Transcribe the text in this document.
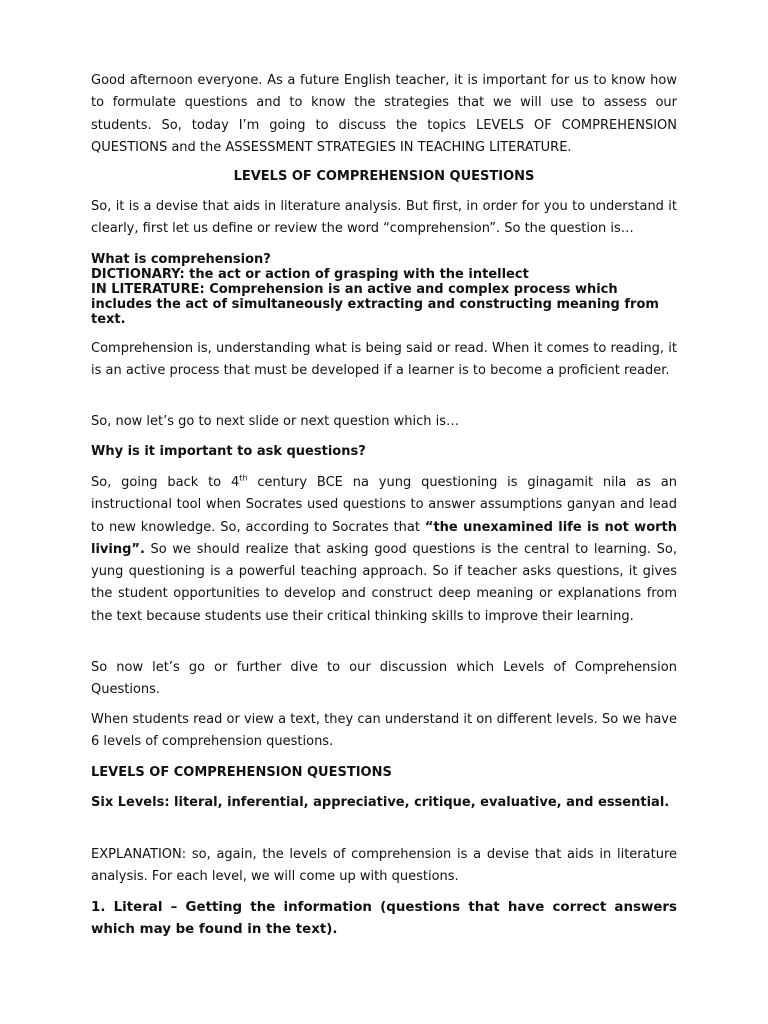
Good afternoon everyone. As a future English teacher, it is important for us to know how to formulate questions and to know the strategies that we will use to assess our students. So, today I’m going to discuss the topics LEVELS OF COMPREHENSION QUESTIONS and the ASSESSMENT STRATEGIES IN TEACHING LITERATURE.

LEVELS OF COMPREHENSION QUESTIONS

So, it is a devise that aids in literature analysis. But first, in order for you to understand it clearly, first let us define or review the word “comprehension”. So the question is…

What is comprehension?
DICTIONARY: the act or action of grasping with the intellect
IN LITERATURE: Comprehension is an active and complex process which includes the act of simultaneously extracting and constructing meaning from text.

Comprehension is, understanding what is being said or read. When it comes to reading, it is an active process that must be developed if a learner is to become a proficient reader.

So, now let’s go to next slide or next question which is…

Why is it important to ask questions?

So, going back to 4th century BCE na yung questioning is ginagamit nila as an instructional tool when Socrates used questions to answer assumptions ganyan and lead to new knowledge. So, according to Socrates that “the unexamined life is not worth living”. So we should realize that asking good questions is the central to learning. So, yung questioning is a powerful teaching approach. So if teacher asks questions, it gives the student opportunities to develop and construct deep meaning or explanations from the text because students use their critical thinking skills to improve their learning.

So now let’s go or further dive to our discussion which Levels of Comprehension Questions.

When students read or view a text, they can understand it on different levels. So we have 6 levels of comprehension questions.

LEVELS OF COMPREHENSION QUESTIONS

Six Levels: literal, inferential, appreciative, critique, evaluative, and essential.

EXPLANATION: so, again, the levels of comprehension is a devise that aids in literature analysis. For each level, we will come up with questions.

1. Literal – Getting the information (questions that have correct answers which may be found in the text).
